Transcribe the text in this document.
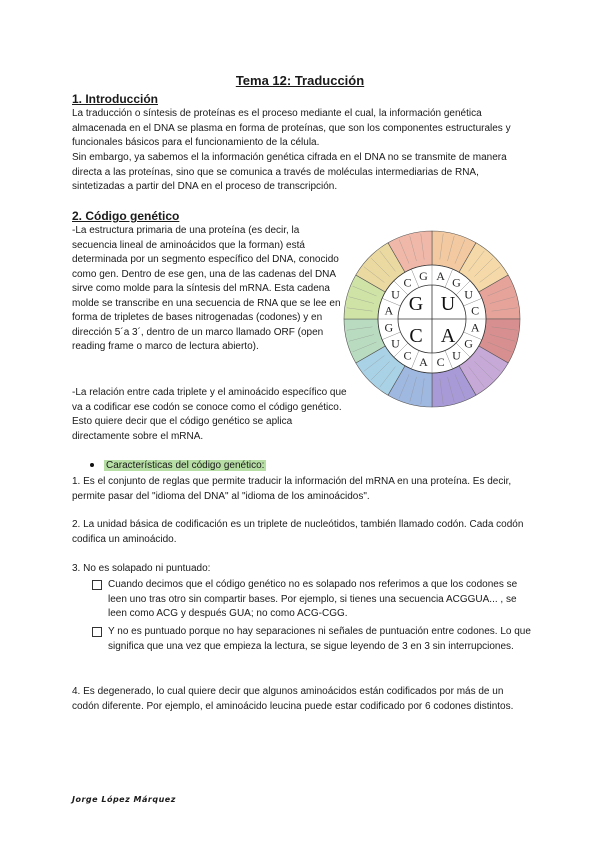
Tema 12: Traducción
1. Introducción
La traducción o síntesis de proteínas es el proceso mediante el cual, la información genética almacenada en el DNA se plasma en forma de proteínas, que son los componentes estructurales y funcionales básicos para el funcionamiento de la célula.
Sin embargo, ya sabemos el la información genética cifrada en el DNA no se transmite de manera directa a las proteínas, sino que se comunica a través de moléculas intermediarias de RNA, sintetizadas a partir del DNA en el proceso de transcripción.
2. Código genético
-La estructura primaria de una proteína (es decir, la secuencia lineal de aminoácidos que la forman) está determinada por un segmento específico del DNA, conocido como gen. Dentro de ese gen, una de las cadenas del DNA sirve como molde para la síntesis del mRNA. Esta cadena molde se transcribe en una secuencia de RNA que se lee en forma de tripletes de bases nitrogenadas (codones) y en dirección 5´a 3´, dentro de un marco llamado ORF (open reading frame o marco de lectura abierto).
-La relación entre cada triplete y el aminoácido específico que va a codificar ese codón se conoce como el código genético. Esto quiere decir que el código genético se aplica directamente sobre el mRNA.
A G
U
C
A
G
U
C
A
C
U
G
A
U
C G
G U
A
C
Características del código genético:
1. Es el conjunto de reglas que permite traducir la información del mRNA en una proteína. Es decir, permite pasar del "idioma del DNA" al "idioma de los aminoácidos".
2. La unidad básica de codificación es un triplete de nucleótidos, también llamado codón. Cada codón codifica un aminoácido.
3. No es solapado ni puntuado:
Cuando decimos que el código genético no es solapado nos referimos a que los codones se leen uno tras otro sin compartir bases. Por ejemplo, si tienes una secuencia ACGGUA... , se leen como ACG y después GUA; no como ACG-CGG.
Y no es puntuado porque no hay separaciones ni señales de puntuación entre codones. Lo que significa que una vez que empieza la lectura, se sigue leyendo de 3 en 3 sin interrupciones.
4. Es degenerado, lo cual quiere decir que algunos aminoácidos están codificados por más de un codón diferente. Por ejemplo, el aminoácido leucina puede estar codificado por 6 codones distintos.
Jorge López Márquez
